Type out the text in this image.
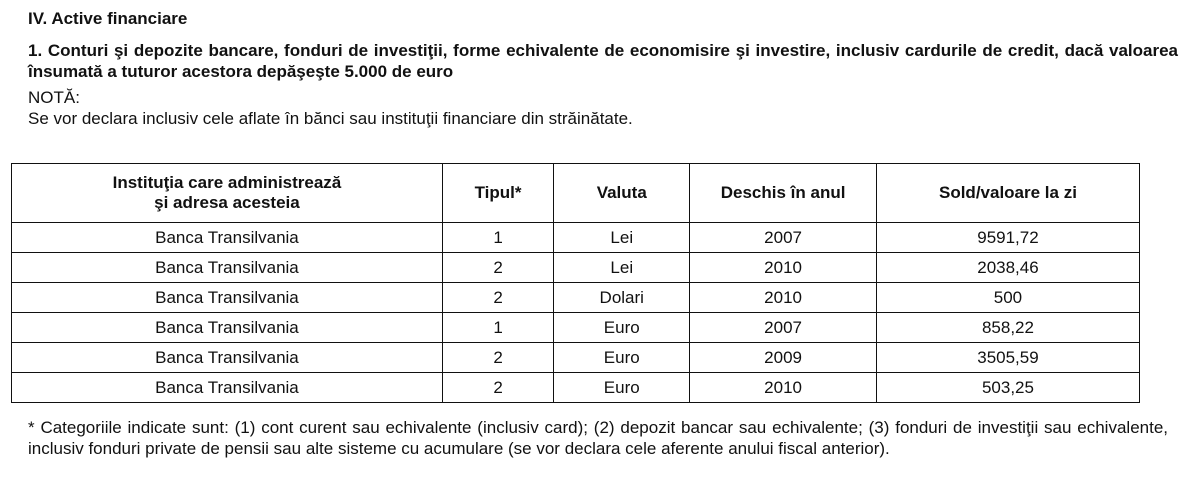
IV. Active financiare

1. Conturi şi depozite bancare, fonduri de investiţii, forme echivalente de economisire şi investire, inclusiv cardurile de credit, dacă valoarea însumată a tuturor acestora depăşeşte 5.000 de euro

NOTĂ:

Se vor declara inclusiv cele aflate în bănci sau instituţii financiare din străinătate.

Instituţia care administrează
şi adresa acesteia	Tipul*	Valuta	Deschis în anul	Sold/valoare la zi
Banca Transilvania	1	Lei	2007	9591,72
Banca Transilvania	2	Lei	2010	2038,46
Banca Transilvania	2	Dolari	2010	500
Banca Transilvania	1	Euro	2007	858,22
Banca Transilvania	2	Euro	2009	3505,59
Banca Transilvania	2	Euro	2010	503,25

* Categoriile indicate sunt: (1) cont curent sau echivalente (inclusiv card); (2) depozit bancar sau echivalente; (3) fonduri de investiţii sau echivalente, inclusiv fonduri private de pensii sau alte sisteme cu acumulare (se vor declara cele aferente anului fiscal anterior).
